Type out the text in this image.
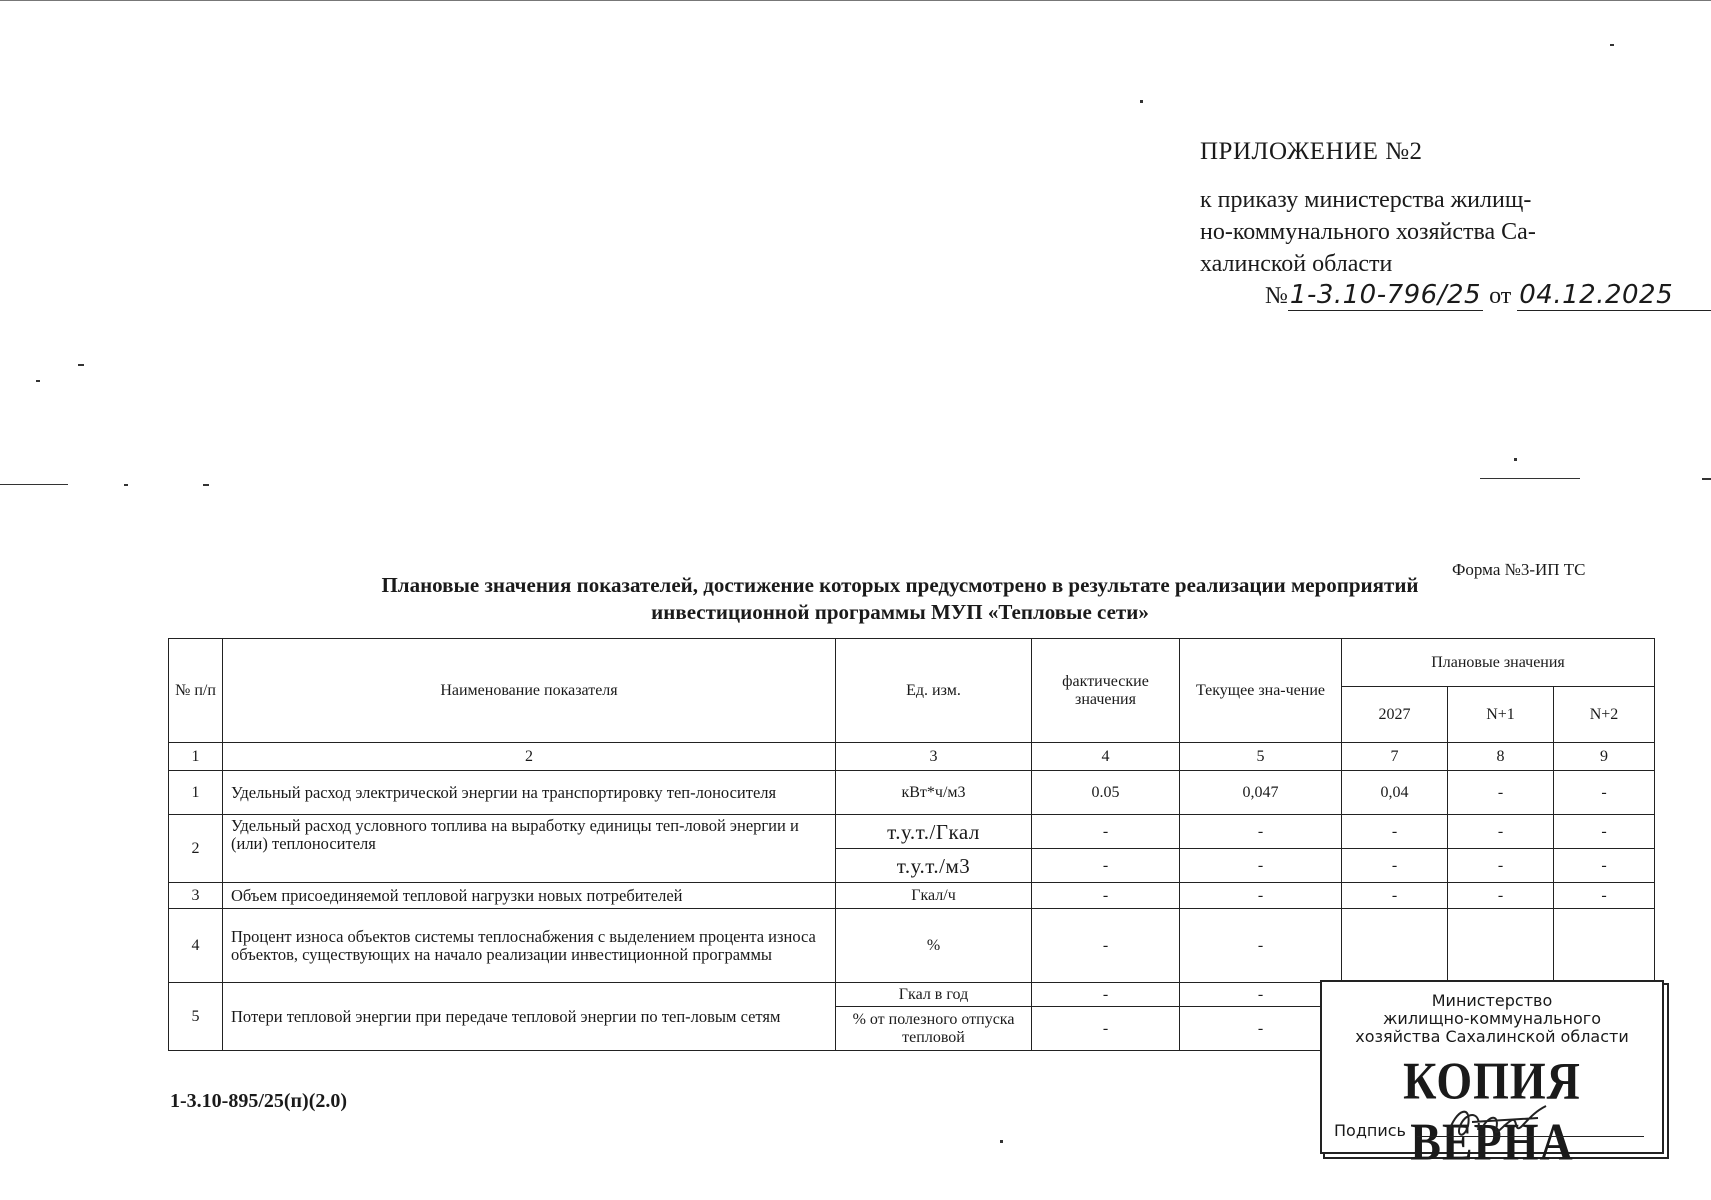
ПРИЛОЖЕНИЕ №2
к приказу министерства жилищ-
но-коммунального хозяйства Са-
халинской области
№1-3.10-796/25 от 04.12.2025
Форма №3-ИП ТС
Плановые значения показателей, достижение которых предусмотрено в результате реализации мероприятий
инвестиционной программы МУП «Тепловые сети»
№ п/п	Наименование показателя	Ед. изм.	фактические значения	Текущее зна-чение	Плановые значения		
					2027	N+1	N+2
1	2	3	4	5	7	8	9
1	Удельный расход электрической энергии на транспортировку теп-лоносителя	кВт*ч/м3	0.05	0,047	0,04	-	-
2	Удельный расход условного топлива на выработку единицы теп-ловой энергии и (или) теплоносителя	т.у.т./Гкал	-	-	-	-	-
		т.у.т./м3	-	-	-	-	-
3	Объем присоединяемой тепловой нагрузки новых потребителей	Гкал/ч	-	-	-	-	-
4	Процент износа объектов системы теплоснабжения с выделением процента износа объектов, существующих на начало реализации инвестиционной программы	%	-	-			
5	Потери тепловой энергии при передаче тепловой энергии по теп-ловым сетям	Гкал в год	-	-			
		% от полезного отпуска тепловой	-	-			
1-3.10-895/25(п)(2.0)
Министерство
жилищно-коммунального
хозяйства Сахалинской области
КОПИЯ ВЕРНА
Подпись
